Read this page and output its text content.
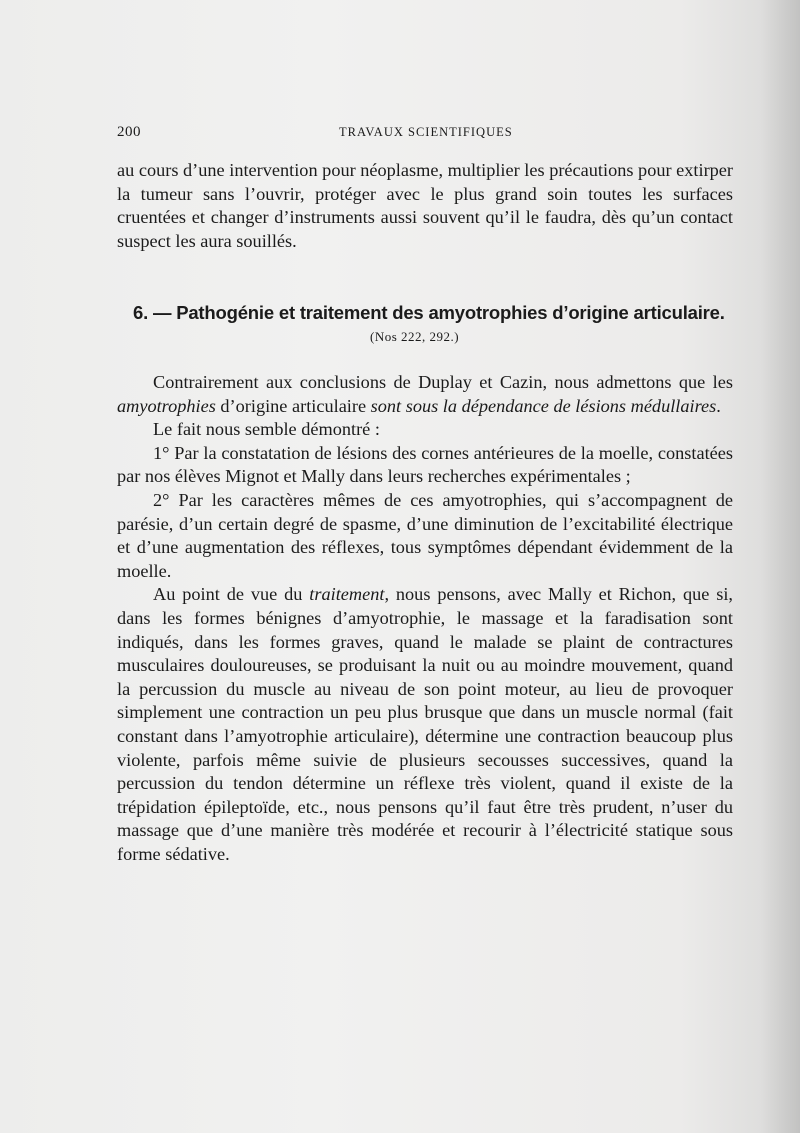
200	TRAVAUX SCIENTIFIQUES

au cours d’une intervention pour néoplasme, multiplier les précautions pour extirper la tumeur sans l’ouvrir, protéger avec le plus grand soin toutes les surfaces cruentées et changer d’instruments aussi souvent qu’il le faudra, dès qu’un contact suspect les aura souillés.

6. — Pathogénie et traitement des amyotrophies d’origine articulaire.
(Nos 222, 292.)

Contrairement aux conclusions de Duplay et Cazin, nous admettons que les amyotrophies d’origine articulaire sont sous la dépendance de lésions médullaires.

Le fait nous semble démontré :

1° Par la constatation de lésions des cornes antérieures de la moelle, constatées par nos élèves Mignot et Mally dans leurs recherches expérimentales ;

2° Par les caractères mêmes de ces amyotrophies, qui s’accompagnent de parésie, d’un certain degré de spasme, d’une diminution de l’excitabilité électrique et d’une augmentation des réflexes, tous symptômes dépendant évidemment de la moelle.

Au point de vue du traitement, nous pensons, avec Mally et Richon, que si, dans les formes bénignes d’amyotrophie, le massage et la faradisation sont indiqués, dans les formes graves, quand le malade se plaint de contractures musculaires douloureuses, se produisant la nuit ou au moindre mouvement, quand la percussion du muscle au niveau de son point moteur, au lieu de provoquer simplement une contraction un peu plus brusque que dans un muscle normal (fait constant dans l’amyotrophie articulaire), détermine une contraction beaucoup plus violente, parfois même suivie de plusieurs secousses successives, quand la percussion du tendon détermine un réflexe très violent, quand il existe de la trépidation épileptoïde, etc., nous pensons qu’il faut être très prudent, n’user du massage que d’une manière très modérée et recourir à l’électricité statique sous forme sédative.
